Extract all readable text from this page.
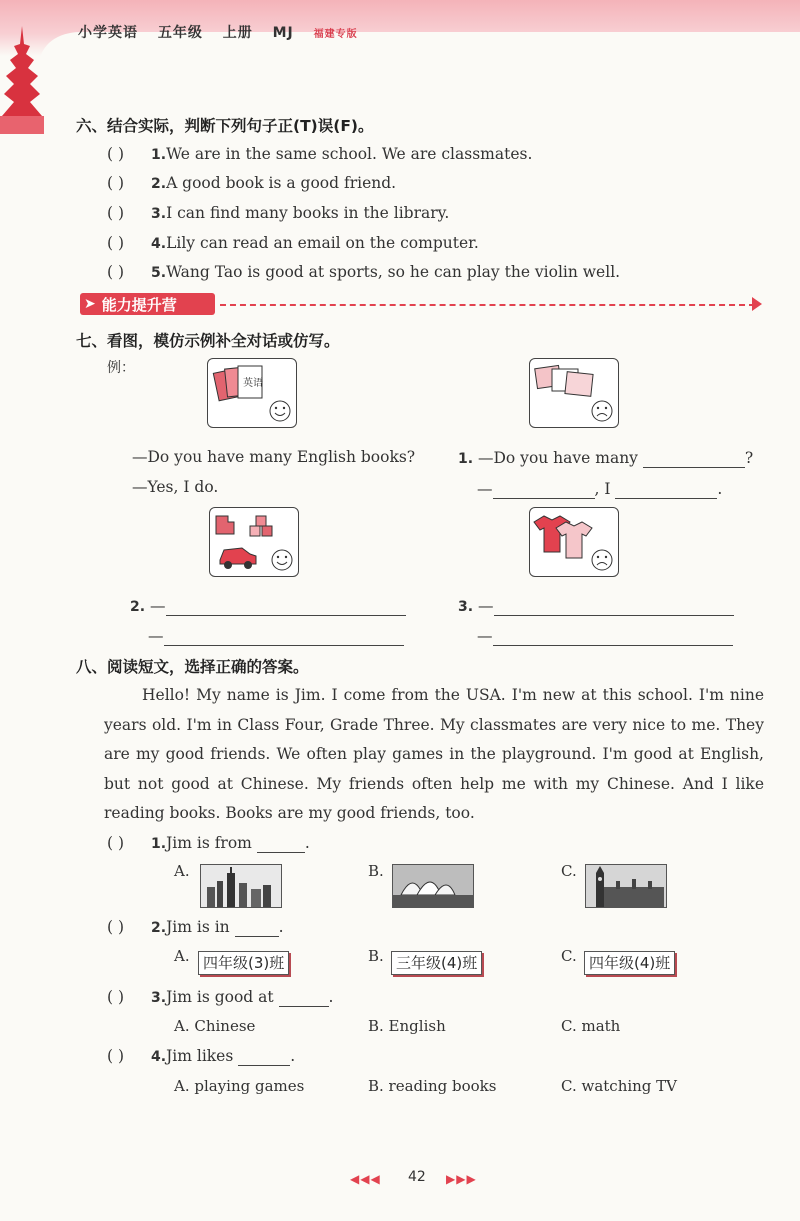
小学英语 五年级 上册 MJ 福建专版
六、结合实际，判断下列句子正(T)误(F)。
( ) 1.We are in the same school. We are classmates.
( ) 2.A good book is a good friend.
( ) 3.I can find many books in the library.
( ) 4.Lily can read an email on the computer.
( ) 5.Wang Tao is good at sports, so he can play the violin well.
➤ 能力提升营
七、看图，模仿示例补全对话或仿写。
例：
英语
—Do you have many English books?
—Yes, I do.
1. —Do you have many	?
—	, I	.
2. —
—
3. —
—
八、阅读短文，选择正确的答案。
Hello! My name is Jim. I come from the USA. I'm new at this school. I'm nine years old. I'm in Class Four, Grade Three. My classmates are very nice to me. They are my good friends. We often play games in the playground. I'm good at English, but not good at Chinese. My friends often help me with my Chinese. And I like reading books. Books are my good friends, too.
( ) 1.Jim is from	.
A.	B.	C.
( ) 2.Jim is in	.
A. 四年级(3)班	B. 三年级(4)班	C. 四年级(4)班
( ) 3.Jim is good at	.
A. Chinese	B. English	C. math
( ) 4.Jim likes	.
A. playing games	B. reading books	C. watching TV
◀◀◀ 42 ▶▶▶
